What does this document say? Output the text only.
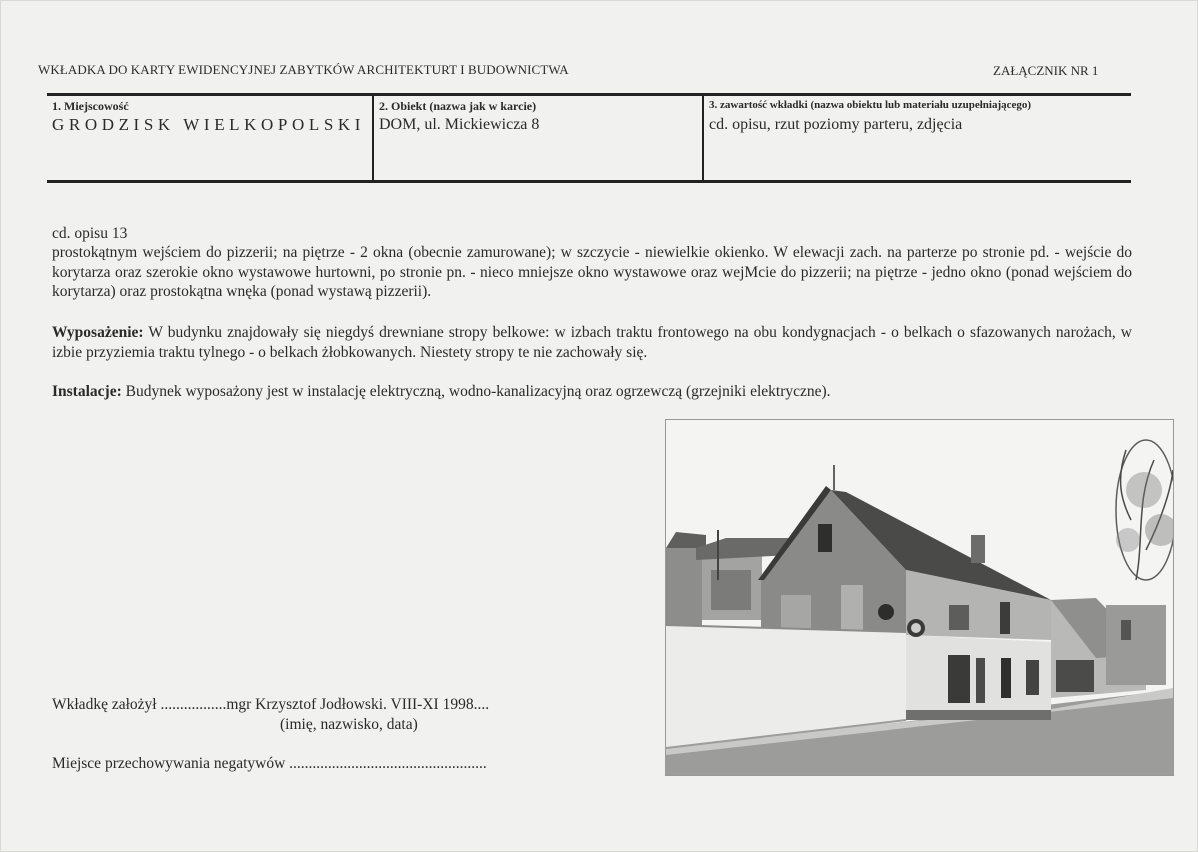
WKŁADKA DO KARTY EWIDENCYJNEJ ZABYTKÓW ARCHITEKTURT I BUDOWNICTWA	ZAŁĄCZNIK NR 1
1. Miejscowość
GRODZISK WIELKOPOLSKI
2. Obiekt (nazwa jak w karcie)
DOM, ul. Mickiewicza 8
3. zawartość wkładki (nazwa obiektu lub materiału uzupełniającego)
cd. opisu, rzut poziomy parteru, zdjęcia
cd. opisu 13
prostokątnym wejściem do pizzerii; na piętrze - 2 okna (obecnie zamurowane); w szczycie - niewielkie okienko. W elewacji zach. na parterze po stronie pd. - wejście do korytarza oraz szerokie okno wystawowe hurtowni, po stronie pn. - nieco mniejsze okno wystawowe oraz wejMcie do pizzerii; na piętrze - jedno okno (ponad wejściem do korytarza) oraz prostokątna wnęka (ponad wystawą pizzerii).
Wyposażenie: W budynku znajdowały się niegdyś drewniane stropy belkowe: w izbach traktu frontowego na obu kondygnacjach - o belkach o sfazowanych narożach, w izbie przyziemia traktu tylnego - o belkach żłobkowanych. Niestety stropy te nie zachowały się.
Instalacje: Budynek wyposażony jest w instalację elektryczną, wodno-kanalizacyjną oraz ogrzewczą (grzejniki elektryczne).
Wkładkę założył .................mgr Krzysztof Jodłowski. VIII-XI 1998....
(imię, nazwisko, data)
Miejsce przechowywania negatywów ...................................................
